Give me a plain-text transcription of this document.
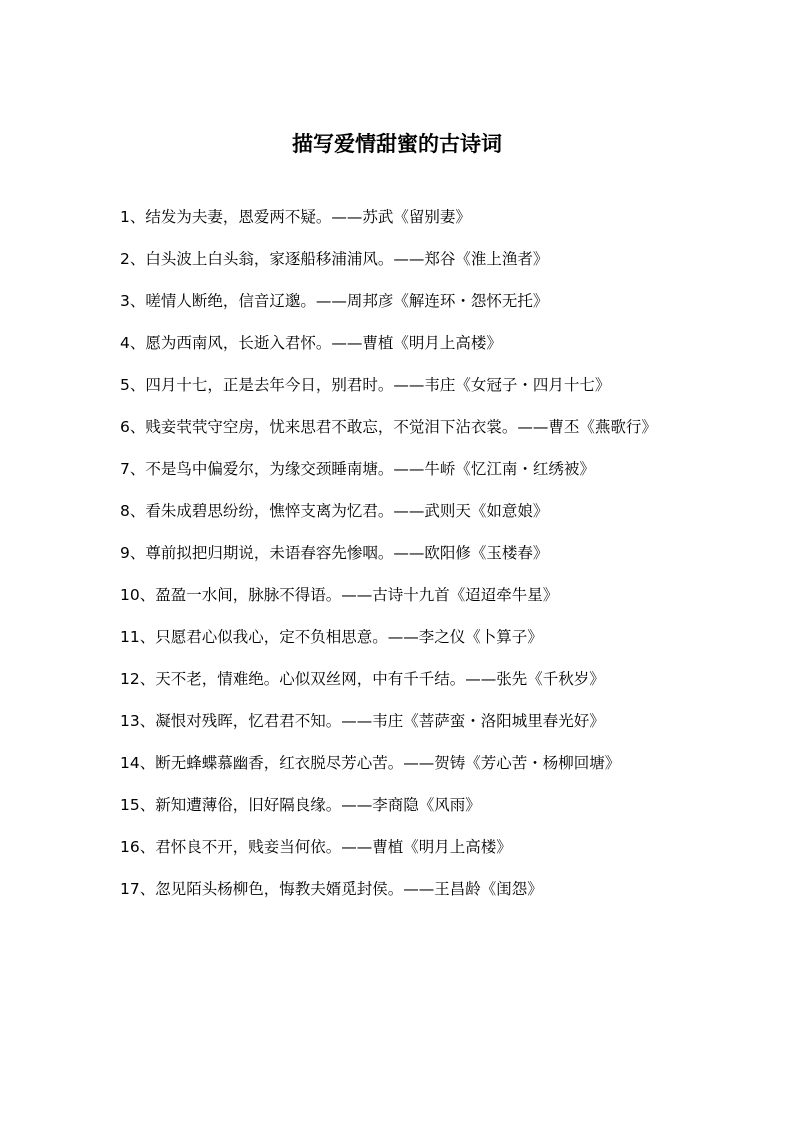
描写爱情甜蜜的古诗词
1、结发为夫妻，恩爱两不疑。——苏武《留别妻》
2、白头波上白头翁，家逐船移浦浦风。——郑谷《淮上渔者》
3、嗟情人断绝，信音辽邈。——周邦彦《解连环・怨怀无托》
4、愿为西南风，长逝入君怀。——曹植《明月上高楼》
5、四月十七，正是去年今日，别君时。——韦庄《女冠子・四月十七》
6、贱妾茕茕守空房，忧来思君不敢忘，不觉泪下沾衣裳。——曹丕《燕歌行》
7、不是鸟中偏爱尔，为缘交颈睡南塘。——牛峤《忆江南・红绣被》
8、看朱成碧思纷纷，憔悴支离为忆君。——武则天《如意娘》
9、尊前拟把归期说，未语春容先惨咽。——欧阳修《玉楼春》
10、盈盈一水间，脉脉不得语。——古诗十九首《迢迢牵牛星》
11、只愿君心似我心，定不负相思意。——李之仪《卜算子》
12、天不老，情难绝。心似双丝网，中有千千结。——张先《千秋岁》
13、凝恨对残晖，忆君君不知。——韦庄《菩萨蛮・洛阳城里春光好》
14、断无蜂蝶慕幽香，红衣脱尽芳心苦。——贺铸《芳心苦・杨柳回塘》
15、新知遭薄俗，旧好隔良缘。——李商隐《风雨》
16、君怀良不开，贱妾当何依。——曹植《明月上高楼》
17、忽见陌头杨柳色，悔教夫婿觅封侯。——王昌龄《闺怨》
